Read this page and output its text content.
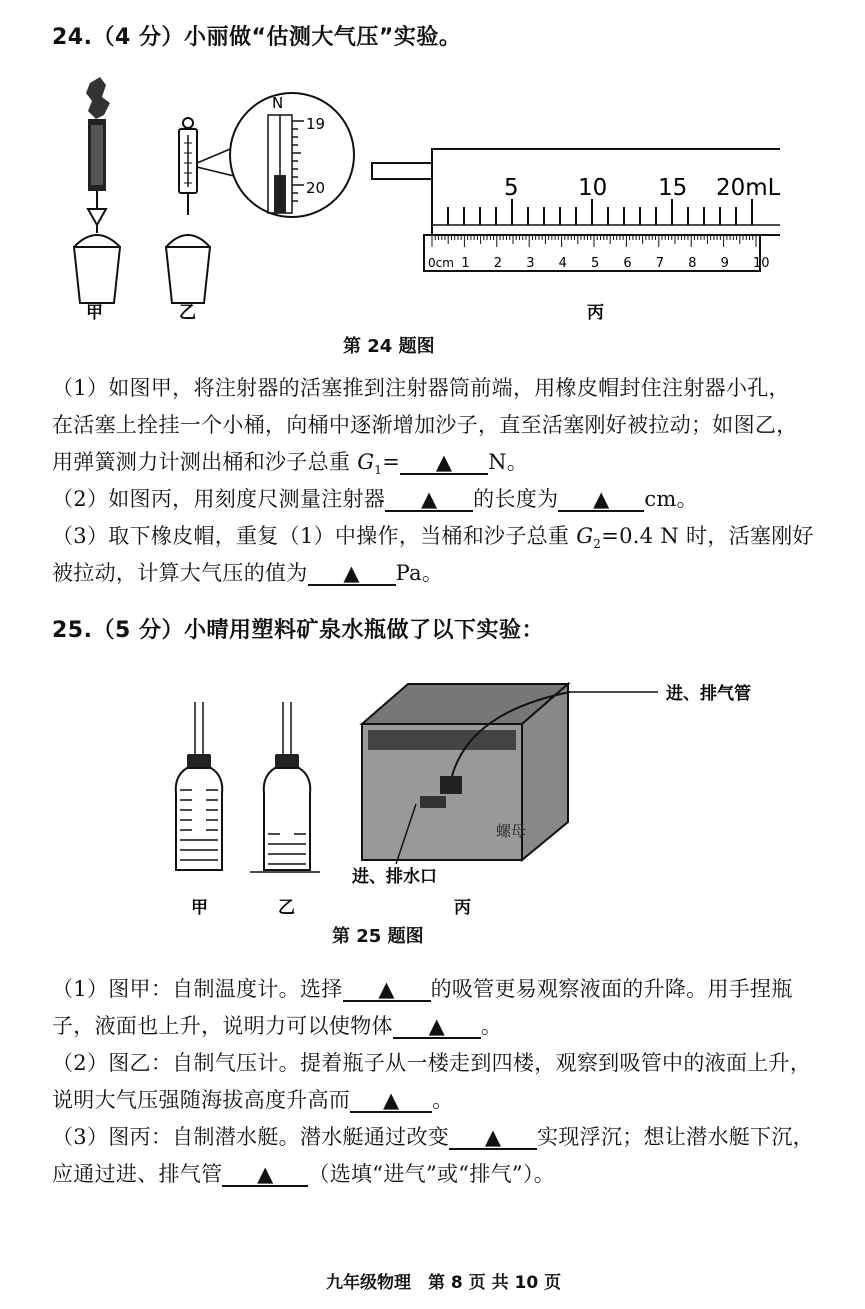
24.（4 分）小丽做“估测大气压”实验。
N
19
20	5	10 15 20mL
0cm 1 2 3 4 5 6 7 8 9 10
甲	乙	丙
第 24 题图
（1）如图甲，将注射器的活塞推到注射器筒前端，用橡皮帽封住注射器小孔，
在活塞上拴挂一个小桶，向桶中逐渐增加沙子，直至活塞刚好被拉动；如图乙，
用弹簧测力计测出桶和沙子总重 $G_1=$ ▲ N。
（2）如图丙，用刻度尺测量注射器 ▲ 的长度为 ▲ cm。
（3）取下橡皮帽，重复（1）中操作，当桶和沙子总重 $G_2=0.4$ N 时，活塞刚好
被拉动，计算大气压的值为 ▲ Pa。
25.（5 分）小晴用塑料矿泉水瓶做了以下实验：
螺母
进、排气管
进、排水口
甲	乙	丙
第 25 题图
（1）图甲：自制温度计。选择 ▲ 的吸管更易观察液面的升降。用手捏瓶
子，液面也上升，说明力可以使物体 ▲ 。
（2）图乙：自制气压计。提着瓶子从一楼走到四楼，观察到吸管中的液面上升，
说明大气压强随海拔高度升高而 ▲ 。
（3）图丙：自制潜水艇。潜水艇通过改变 ▲ 实现浮沉；想让潜水艇下沉，
应通过进、排气管 ▲ （选填“进气”或“排气”）。
九年级物理　第 8 页 共 10 页
